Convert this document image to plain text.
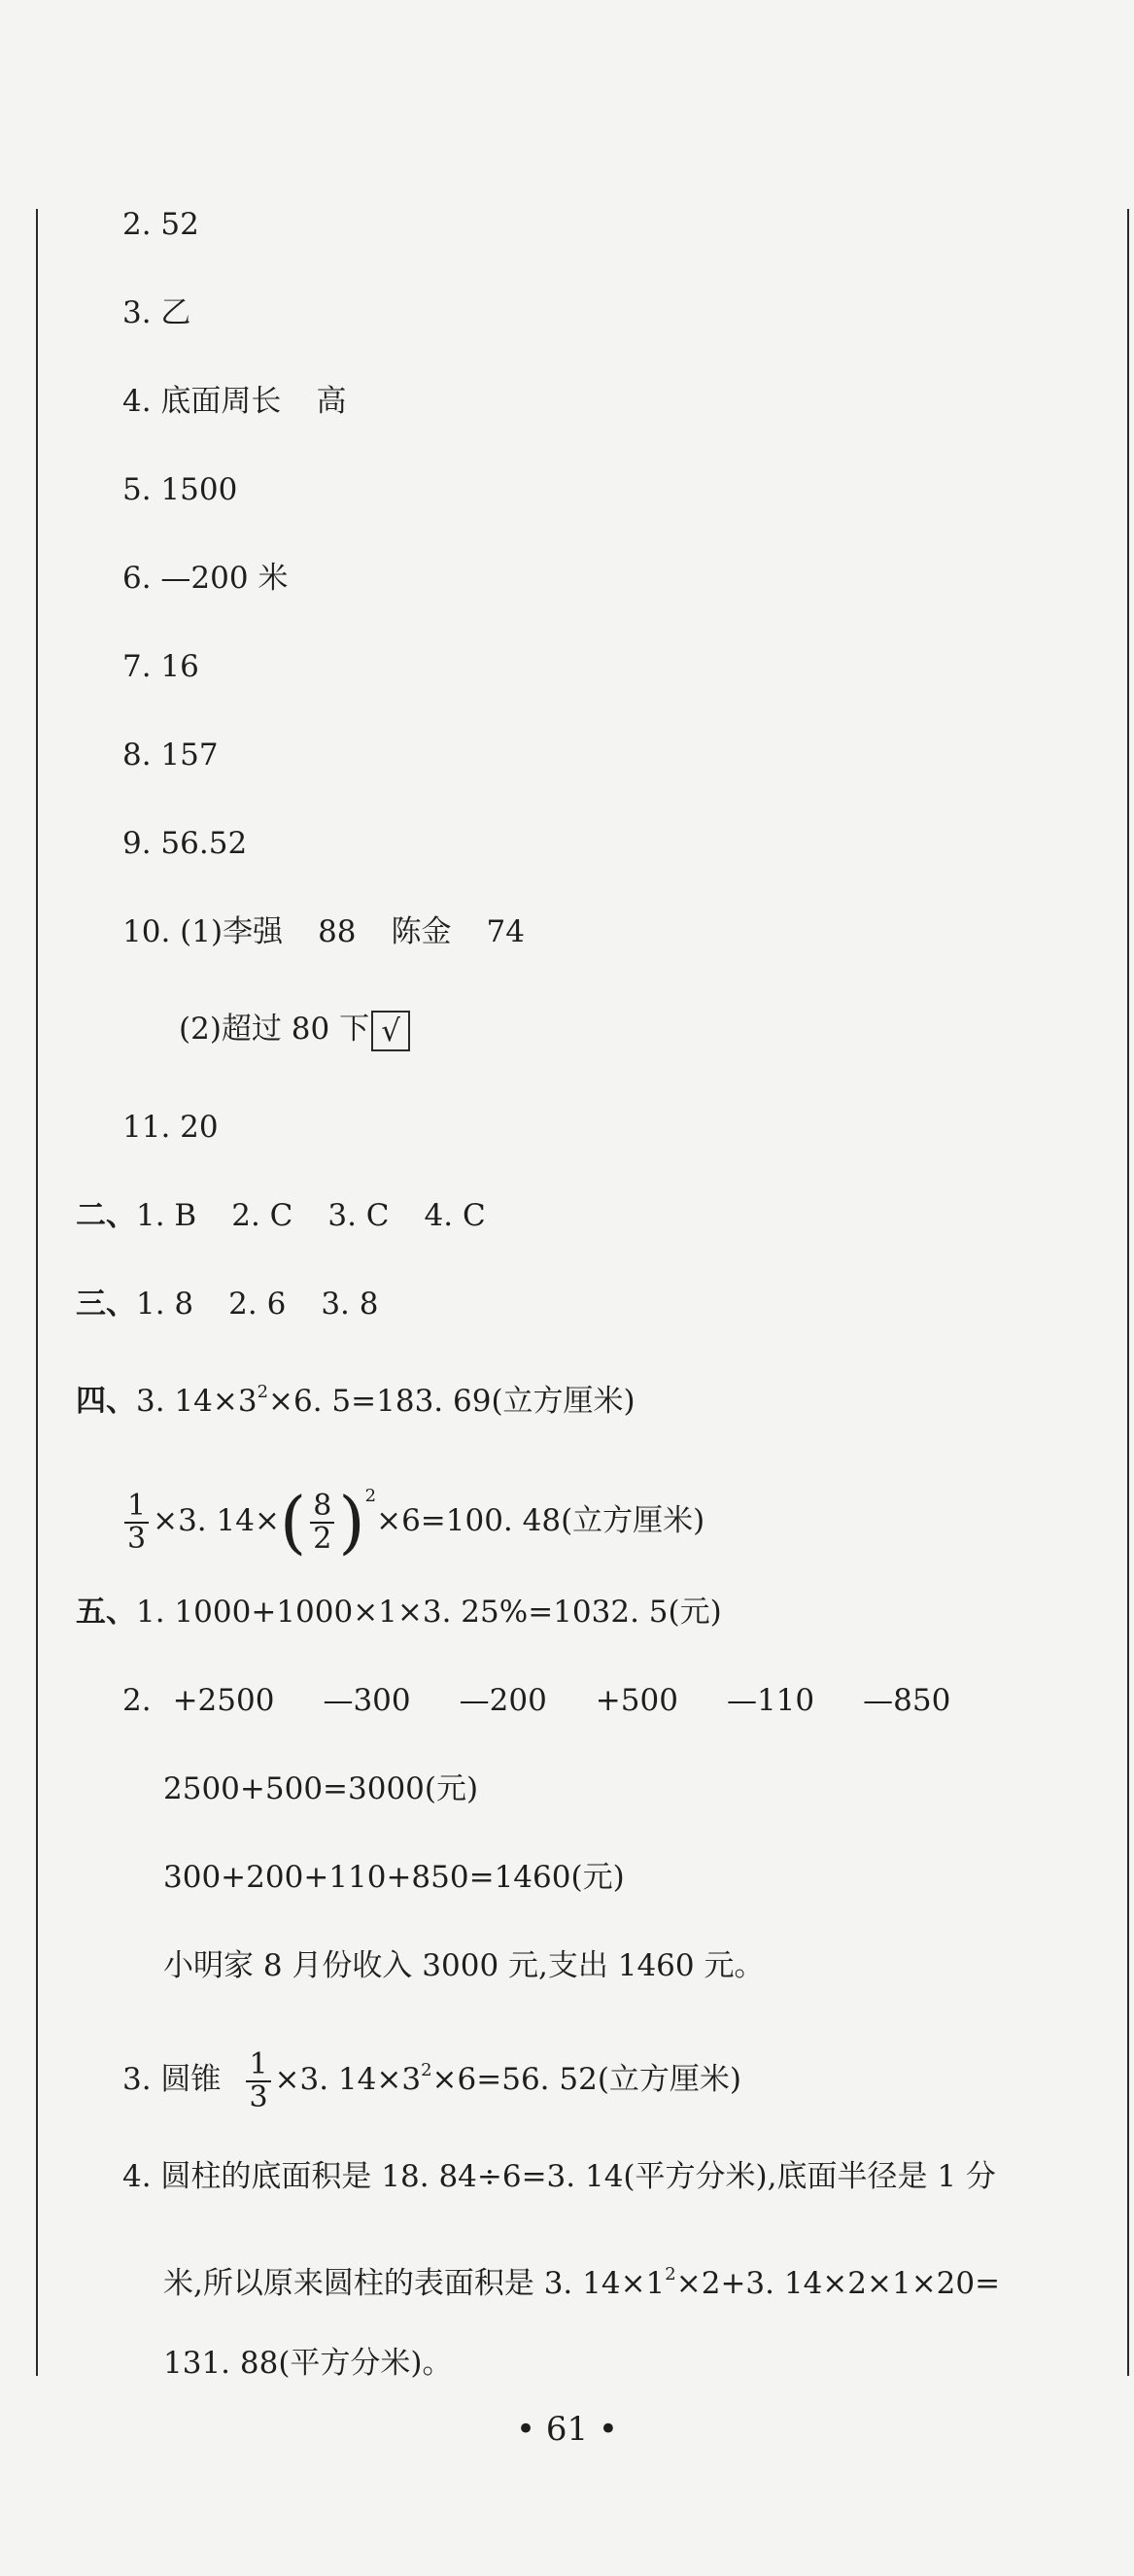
2. 52
3. 乙
4. 底面周长 高
5. 1500
6. —200 米
7. 16
8. 157
9. 56.52
10. (1)李强 88 陈金 74
(2)超过 80 下 √
11. 20
二、1. B 2. C 3. C 4. C
三、1. 8 2. 6 3. 8
四、3. $14\times 3^2\times 6$. 5=183. 69(立方厘米)
$\frac{1}{3} \times 3$. $14\times( \frac{8}{2} )^2\times 6=100$. 48(立方厘米)
五、1. 1000+1000×1×3. 25%=1032. 5(元)
2. +2500 —300 —200 +500 —110 —850
2500+500=3000(元)
300+200+110+850=1460(元)
小明家 8 月份收入 3000 元,支出 1460 元。
3. 圆锥 $\frac{1}{3} \times 3$. $14\times 3^2\times 6=56$. 52(立方厘米)
4. 圆柱的底面积是 18. 84÷6=3. 14(平方分米),底面半径是 1 分
米,所以原来圆柱的表面积是 3. $14\times 1^2\times 2+3$. 14×2×1×20=
131. 88(平方分米)。
• 61 •
